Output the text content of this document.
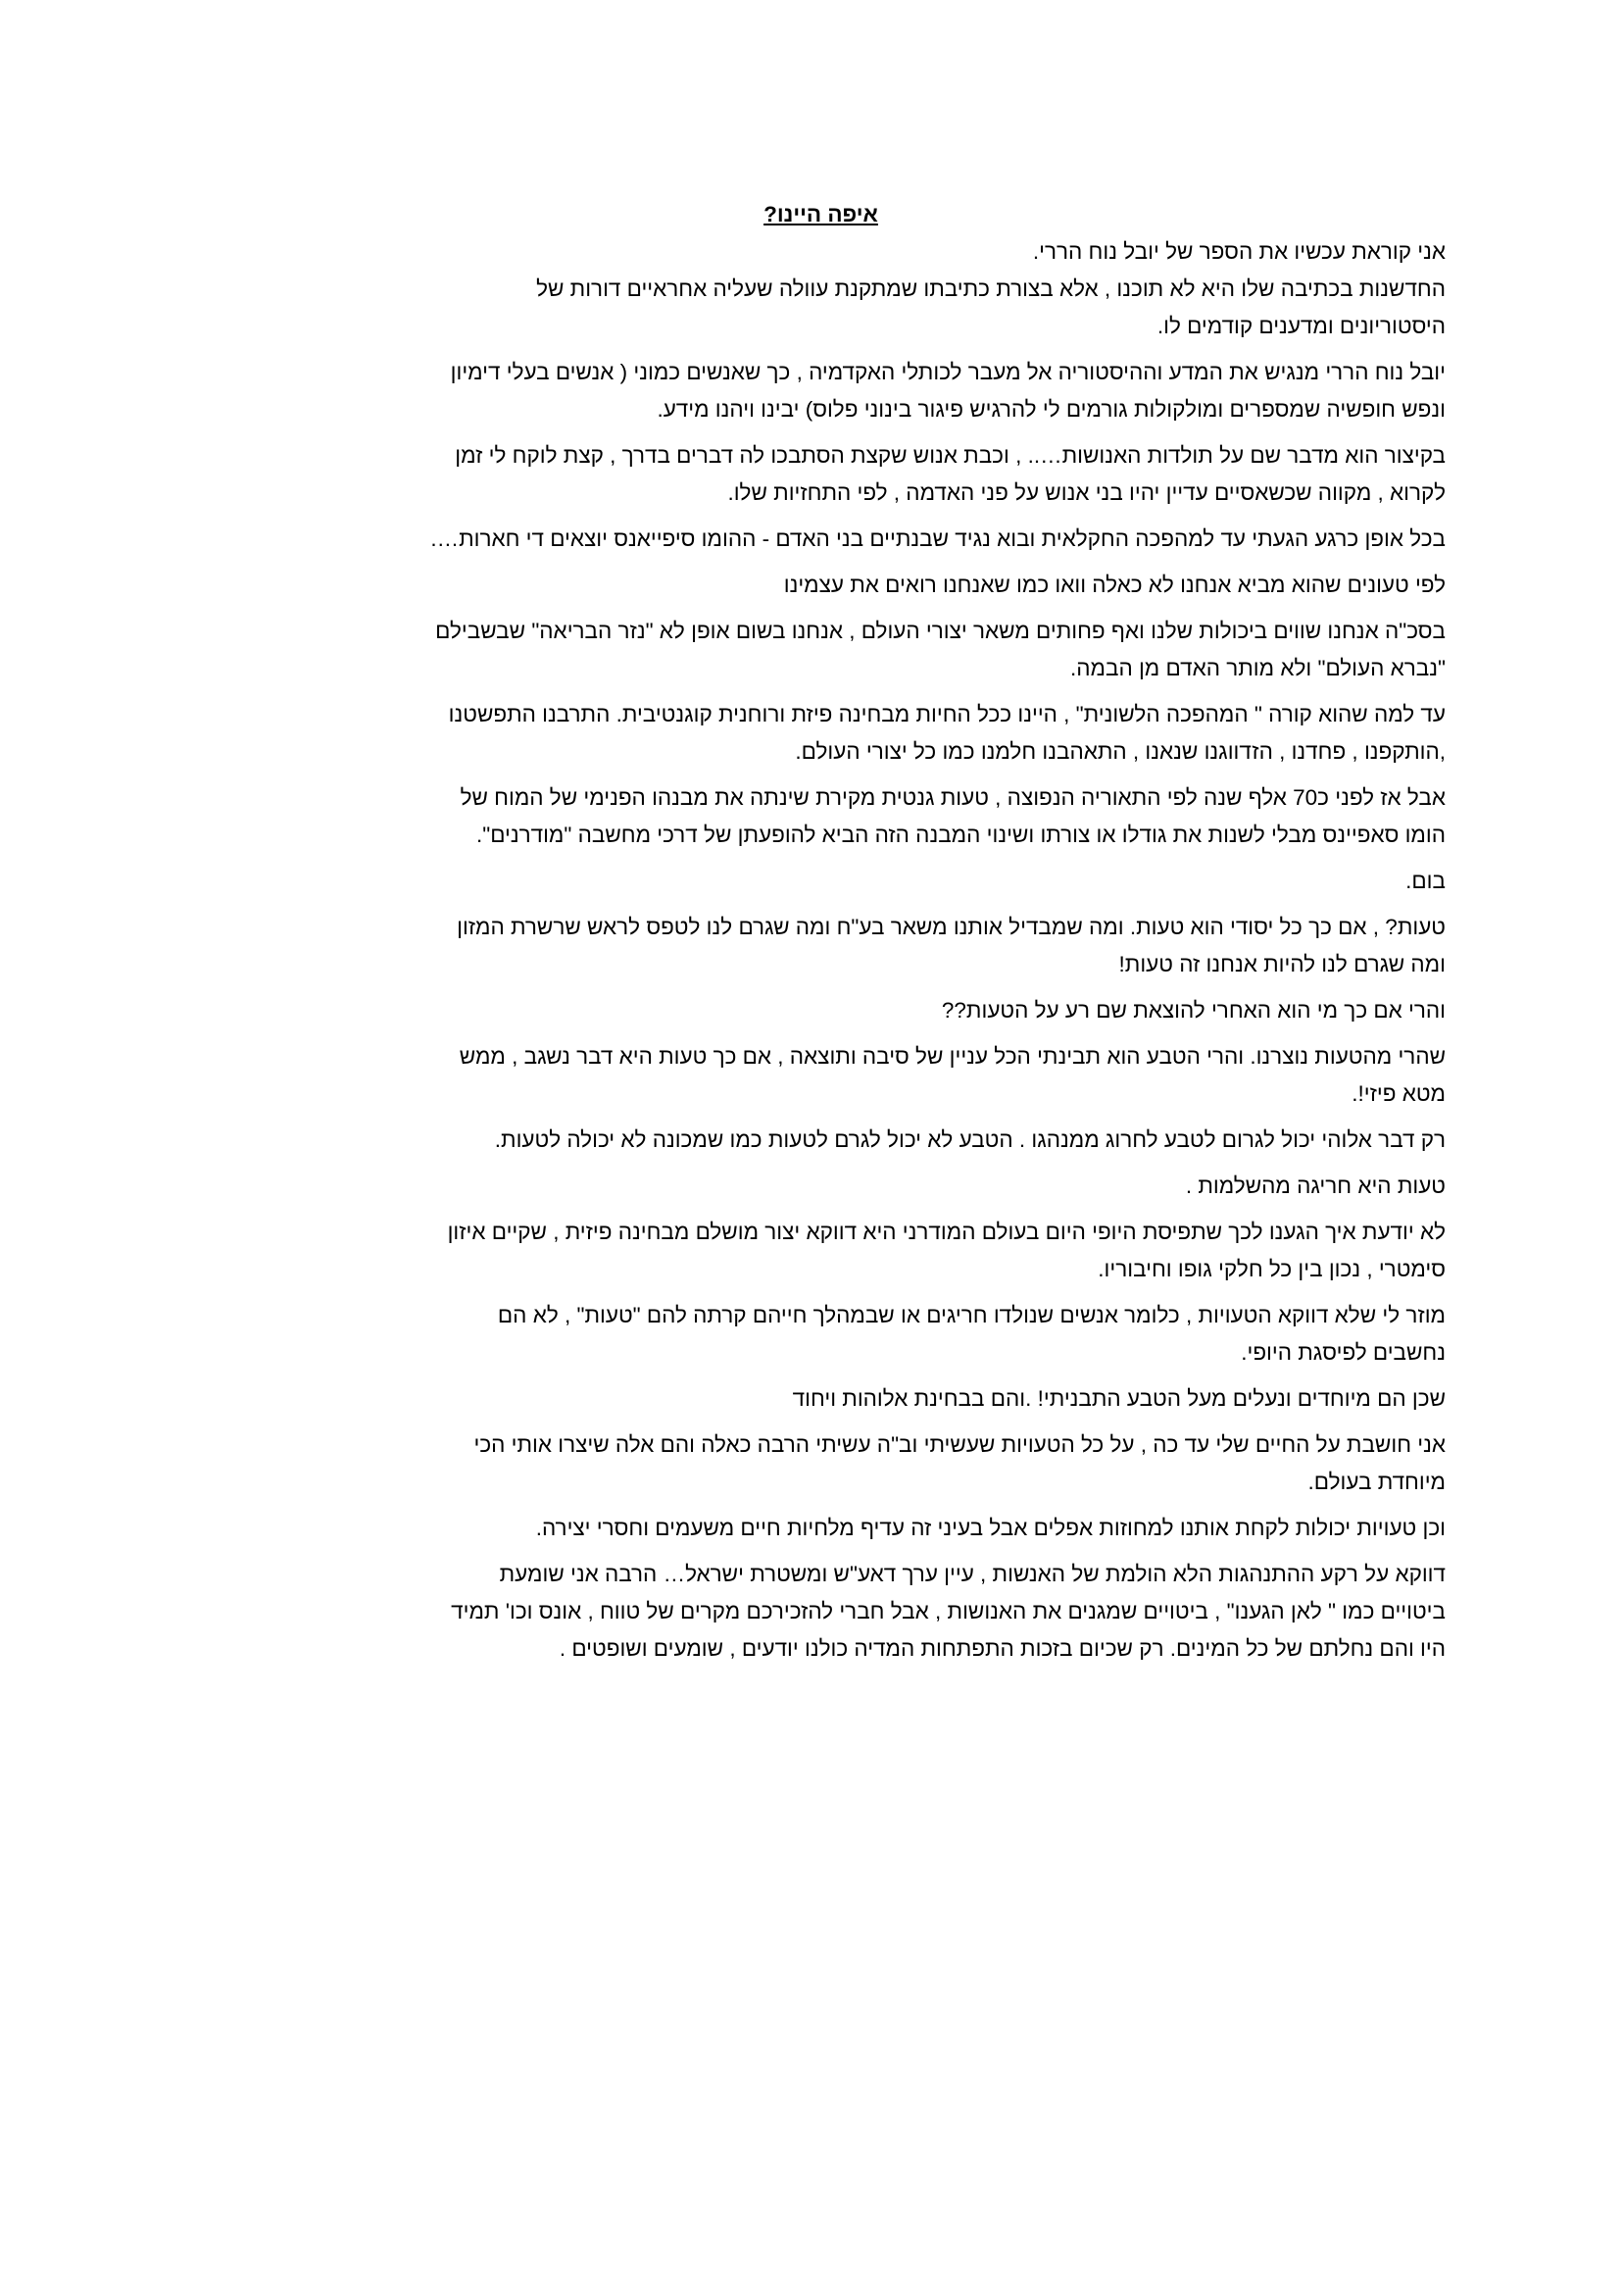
איפה היינו?

אני קוראת עכשיו את הספר של יובל נוח הררי.
החדשנות בכתיבה שלו היא לא תוכנו , אלא בצורת כתיבתו שמתקנת עוולה שעליה אחראיים דורות של
היסטוריונים ומדענים קודמים לו.
יובל נוח הררי מנגיש את המדע וההיסטוריה אל מעבר לכותלי האקדמיה , כך שאנשים כמוני ( אנשים בעלי דימיון
ונפש חופשיה שמספרים ומולקולות גורמים לי להרגיש פיגור בינוני פלוס) יבינו ויהנו מידע.
בקיצור הוא מדבר שם על תולדות האנושות….. , וכבת אנוש שקצת הסתבכו לה דברים בדרך , קצת לוקח לי זמן
לקרוא , מקווה שכשאסיים עדיין יהיו בני אנוש על פני האדמה , לפי התחזיות שלו.
בכל אופן כרגע הגעתי עד למהפכה החקלאית ובוא נגיד שבנתיים בני האדם - ההומו סיפייאנס יוצאים די חארות….
לפי טעונים שהוא מביא אנחנו לא כאלה וואו כמו שאנחנו רואים את עצמינו
בסכ"ה אנחנו שווים ביכולות שלנו ואף פחותים משאר יצורי העולם , אנחנו בשום אופן לא "נזר הבריאה" שבשבילם
"נברא העולם" ולא מותר האדם מן הבמה.
עד למה שהוא קורה " המהפכה הלשונית" , היינו ככל החיות מבחינה פיזת ורוחנית קוגנטיבית. התרבנו התפשטנו
,הותקפנו , פחדנו , הזדווגנו שנאנו , התאהבנו חלמנו כמו כל יצורי העולם.
אבל אז לפני כ70 אלף שנה לפי התאוריה הנפוצה , טעות גנטית מקירת שינתה את מבנהו הפנימי של המוח של
הומו סאפיינס מבלי לשנות את גודלו או צורתו ושינוי המבנה הזה הביא להופעתן של דרכי מחשבה "מודרנים".
בום.
טעות? , אם כך כל יסודי הוא טעות. ומה שמבדיל אותנו משאר בע"ח ומה שגרם לנו לטפס לראש שרשרת המזון
ומה שגרם לנו להיות אנחנו זה טעות!
והרי אם כך מי הוא האחרי להוצאת שם רע על הטעות??
שהרי מהטעות נוצרנו. והרי הטבע הוא תבינתי הכל עניין של סיבה ותוצאה , אם כך טעות היא דבר נשגב , ממש
מטא פיזי!.
רק דבר אלוהי יכול לגרום לטבע לחרוג ממנהגו . הטבע לא יכול לגרם לטעות כמו שמכונה לא יכולה לטעות.
טעות היא חריגה מהשלמות .
לא יודעת איך הגענו לכך שתפיסת היופי היום בעולם המודרני היא דווקא יצור מושלם מבחינה פיזית , שקיים איזון
סימטרי , נכון בין כל חלקי גופו וחיבוריו.
מוזר לי שלא דווקא הטעויות , כלומר אנשים שנולדו חריגים או שבמהלך חייהם קרתה להם "טעות" , לא הם
נחשבים לפיסגת היופי.
שכן הם מיוחדים ונעלים מעל הטבע התבניתי! .והם בבחינת אלוהות ויחוד
אני חושבת על החיים שלי עד כה , על כל הטעויות שעשיתי וב"ה עשיתי הרבה כאלה והם אלה שיצרו אותי הכי
מיוחדת בעולם.
וכן טעויות יכולות לקחת אותנו למחוזות אפלים אבל בעיני זה עדיף מלחיות חיים משעמים וחסרי יצירה.
דווקא על רקע ההתנהגות הלא הולמת של האנשות , עיין ערך דאע"ש ומשטרת ישראל… הרבה אני שומעת
ביטויים כמו " לאן הגענו" , ביטויים שמגנים את האנושות , אבל חברי להזכירכם מקרים של טווח , אונס וכו' תמיד
היו והם נחלתם של כל המינים. רק שכיום בזכות התפתחות המדיה כולנו יודעים , שומעים ושופטים .
